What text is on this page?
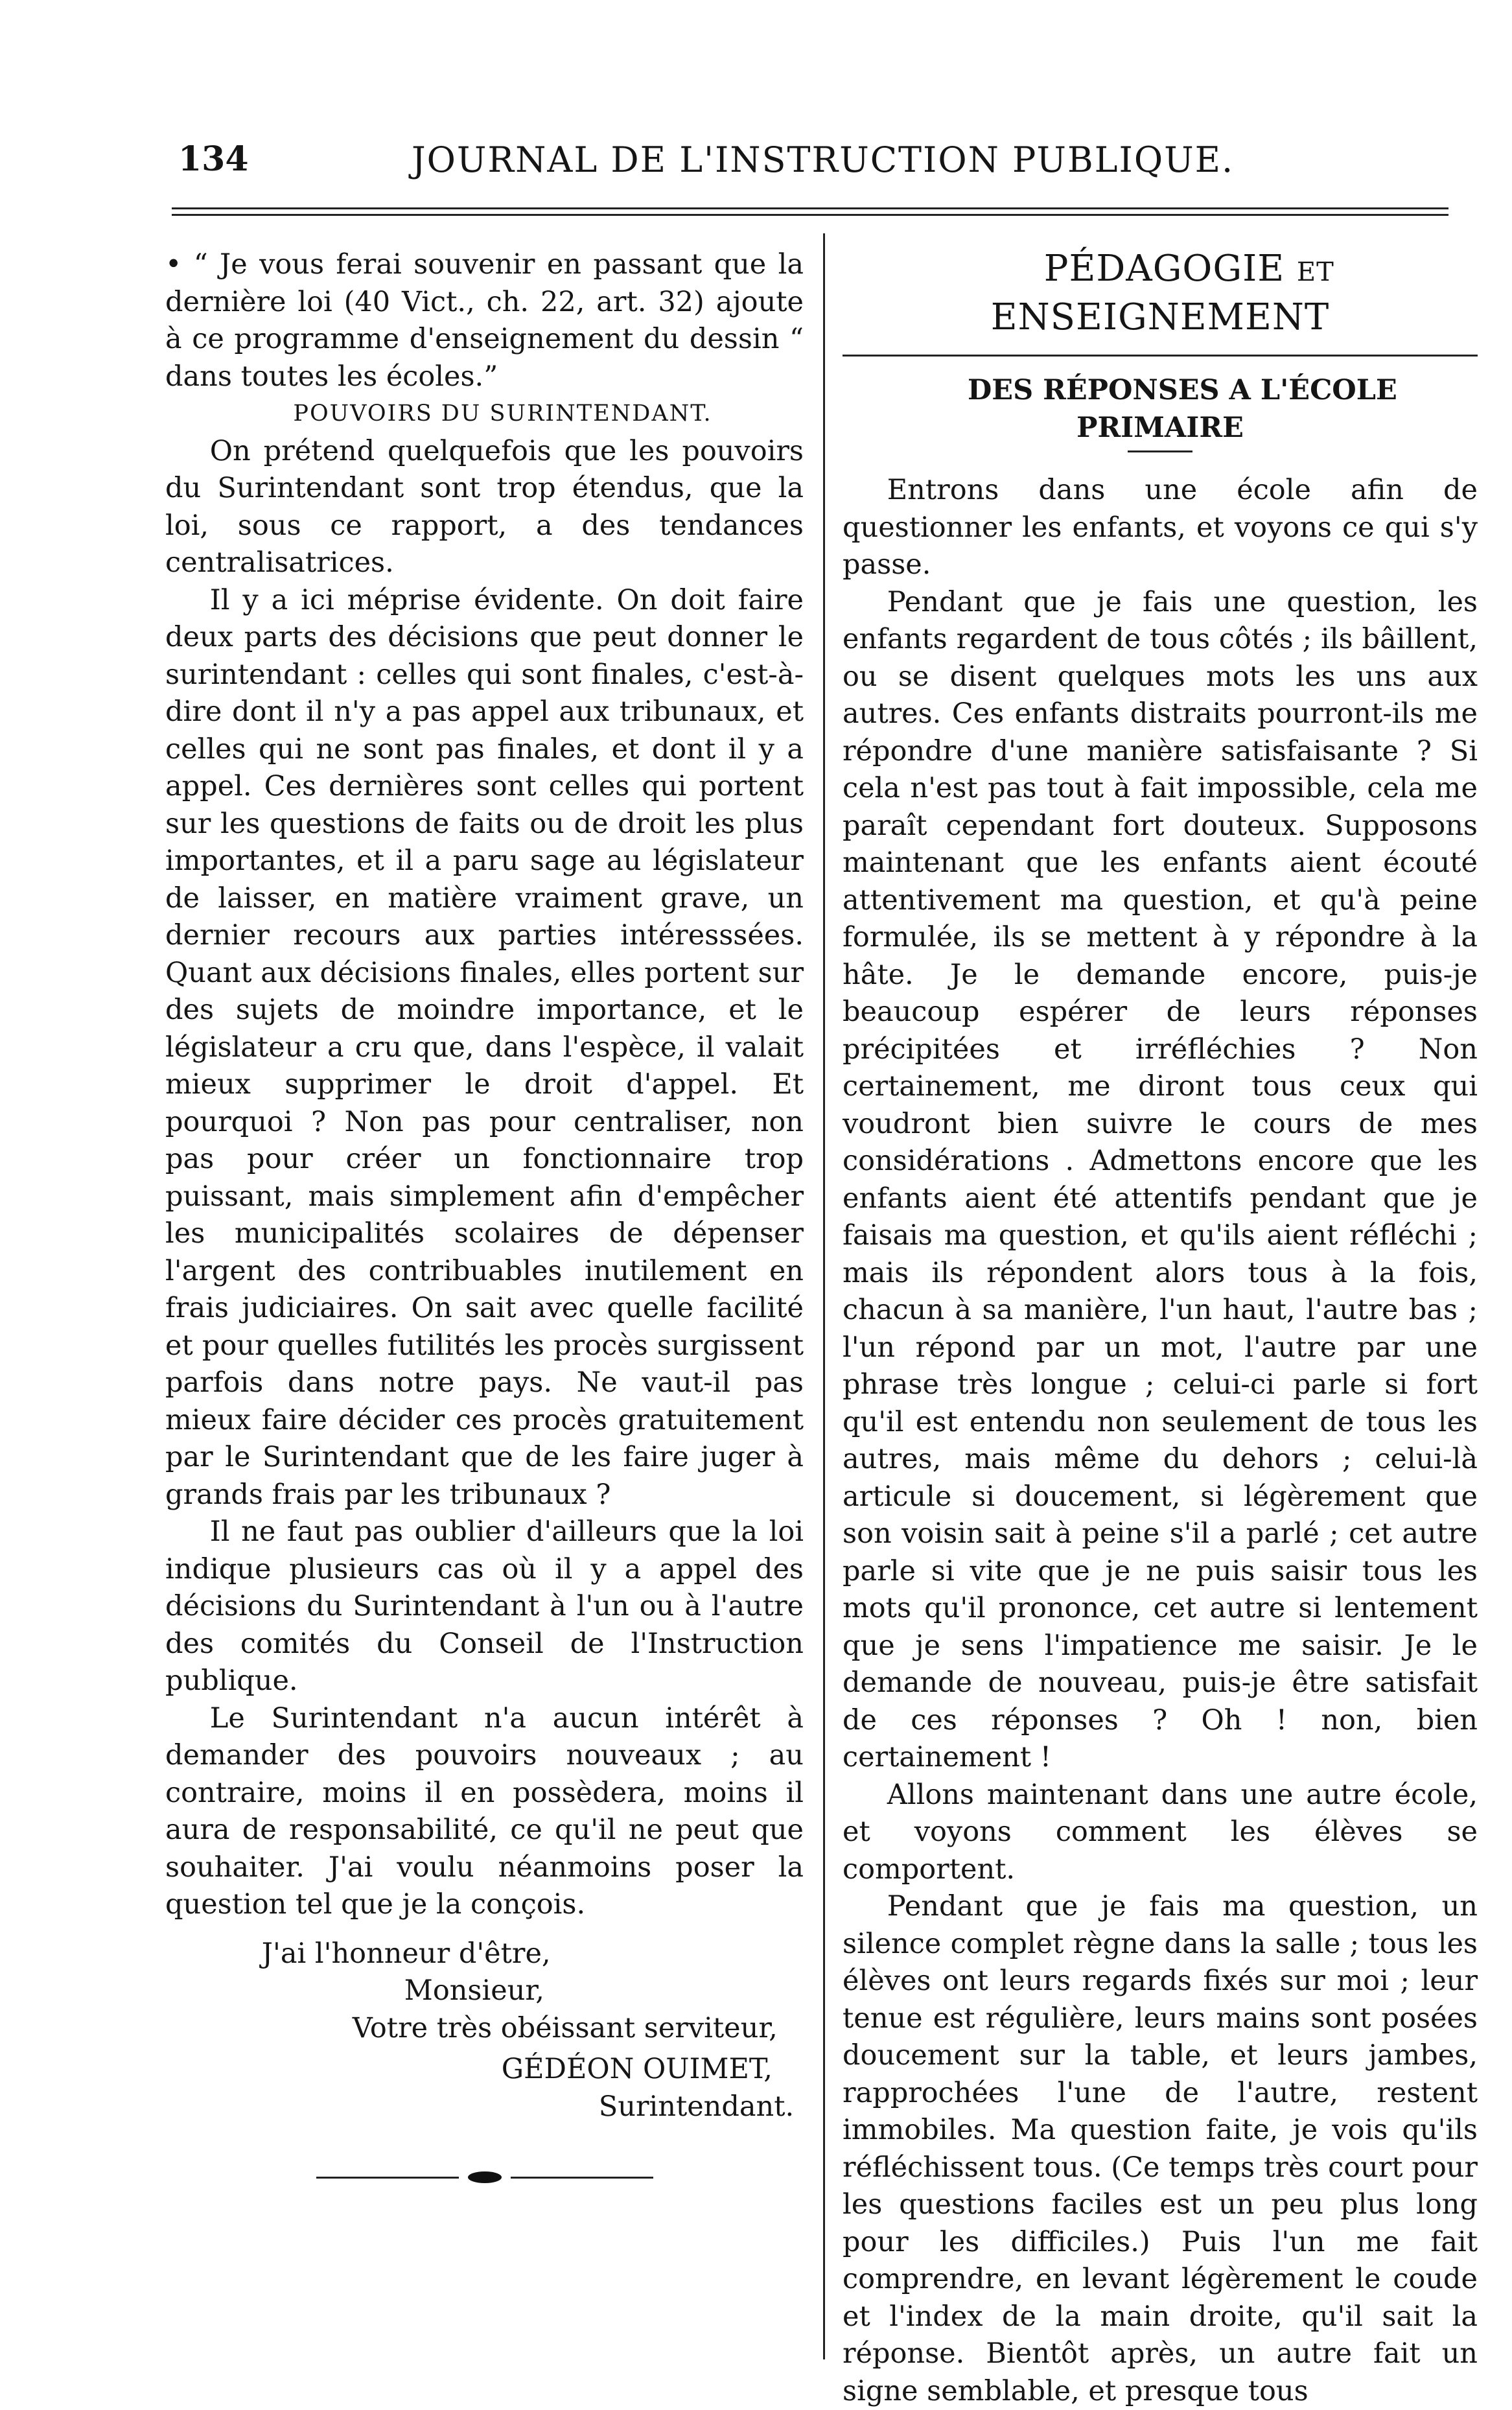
134	JOURNAL DE L'INSTRUCTION PUBLIQUE.

• “ Je vous ferai souvenir en passant que la dernière loi (40 Vict., ch. 22, art. 32) ajoute à ce programme d'enseignement du dessin “ dans toutes les écoles.”

POUVOIRS DU SURINTENDANT.

On prétend quelquefois que les pouvoirs du Surintendant sont trop étendus, que la loi, sous ce rapport, a des tendances centralisatrices.

Il y a ici méprise évidente. On doit faire deux parts des décisions que peut donner le surintendant : celles qui sont finales, c'est-à-dire dont il n'y a pas appel aux tribunaux, et celles qui ne sont pas finales, et dont il y a appel. Ces dernières sont celles qui portent sur les questions de faits ou de droit les plus importantes, et il a paru sage au législateur de laisser, en matière vraiment grave, un dernier recours aux parties intéresssées. Quant aux décisions finales, elles portent sur des sujets de moindre importance, et le législateur a cru que, dans l'espèce, il valait mieux supprimer le droit d'appel. Et pourquoi ? Non pas pour centraliser, non pas pour créer un fonctionnaire trop puissant, mais simplement afin d'empêcher les municipalités scolaires de dépenser l'argent des contribuables inutilement en frais judiciaires. On sait avec quelle facilité et pour quelles futilités les procès surgissent parfois dans notre pays. Ne vaut-il pas mieux faire décider ces procès gratuitement par le Surintendant que de les faire juger à grands frais par les tribunaux ?

Il ne faut pas oublier d'ailleurs que la loi indique plusieurs cas où il y a appel des décisions du Surintendant à l'un ou à l'autre des comités du Conseil de l'Instruction publique.

Le Surintendant n'a aucun intérêt à demander des pouvoirs nouveaux ; au contraire, moins il en possèdera, moins il aura de responsabilité, ce qu'il ne peut que souhaiter. J'ai voulu néanmoins poser la question tel que je la conçois.

J'ai l'honneur d'être,

Monsieur,

Votre très obéissant serviteur,

GÉDÉON OUIMET,

Surintendant.

PÉDAGOGIE ET ENSEIGNEMENT

DES RÉPONSES A L'ÉCOLE PRIMAIRE

Entrons dans une école afin de questionner les enfants, et voyons ce qui s'y passe.

Pendant que je fais une question, les enfants regardent de tous côtés ; ils bâillent, ou se disent quelques mots les uns aux autres. Ces enfants distraits pourront-ils me répondre d'une manière satisfaisante ? Si cela n'est pas tout à fait impossible, cela me paraît cependant fort douteux. Supposons maintenant que les enfants aient écouté attentivement ma question, et qu'à peine formulée, ils se mettent à y répondre à la hâte. Je le demande encore, puis-je beaucoup espérer de leurs réponses précipitées et irréfléchies ? Non certainement, me diront tous ceux qui voudront bien suivre le cours de mes considérations . Admettons encore que les enfants aient été attentifs pendant que je faisais ma question, et qu'ils aient réfléchi ; mais ils répondent alors tous à la fois, chacun à sa manière, l'un haut, l'autre bas ; l'un répond par un mot, l'autre par une phrase très longue ; celui-ci parle si fort qu'il est entendu non seulement de tous les autres, mais même du dehors ; celui-là articule si doucement, si légèrement que son voisin sait à peine s'il a parlé ; cet autre parle si vite que je ne puis saisir tous les mots qu'il prononce, cet autre si lentement que je sens l'impatience me saisir. Je le demande de nouveau, puis-je être satisfait de ces réponses ? Oh ! non, bien certainement !

Allons maintenant dans une autre école, et voyons comment les élèves se comportent.

Pendant que je fais ma question, un silence complet règne dans la salle ; tous les élèves ont leurs regards fixés sur moi ; leur tenue est régulière, leurs mains sont posées doucement sur la table, et leurs jambes, rapprochées l'une de l'autre, restent immobiles. Ma question faite, je vois qu'ils réfléchissent tous. (Ce temps très court pour les questions faciles est un peu plus long pour les difficiles.) Puis l'un me fait comprendre, en levant légèrement le coude et l'index de la main droite, qu'il sait la réponse. Bientôt après, un autre fait un signe semblable, et presque tous
